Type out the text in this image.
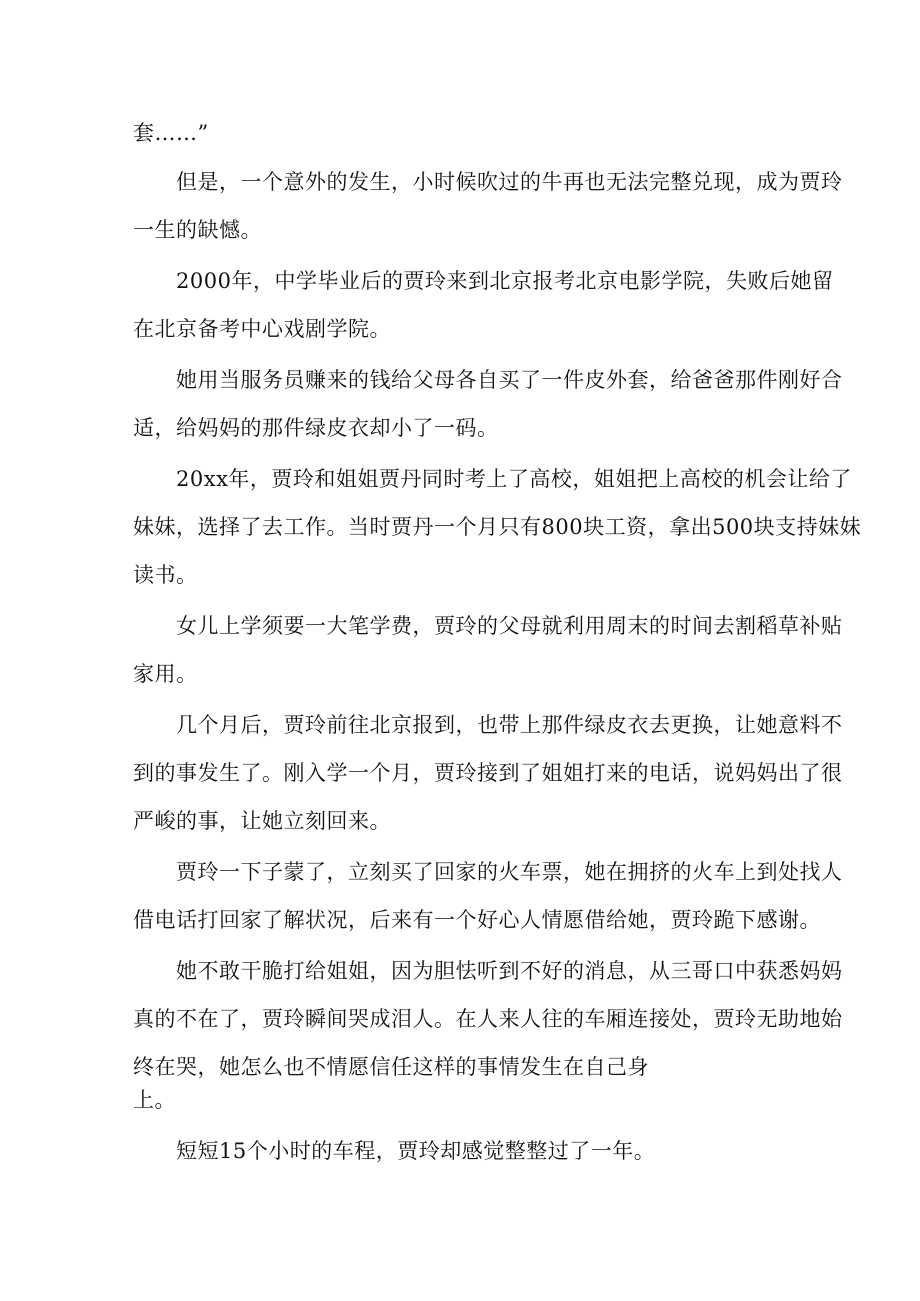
套……”
但是，一个意外的发生，小时候吹过的牛再也无法完整兑现，成为贾玲
一生的缺憾。
2000年，中学毕业后的贾玲来到北京报考北京电影学院，失败后她留
在北京备考中心戏剧学院。
她用当服务员赚来的钱给父母各自买了一件皮外套，给爸爸那件刚好合
适，给妈妈的那件绿皮衣却小了一码。
20xx年，贾玲和姐姐贾丹同时考上了高校，姐姐把上高校的机会让给了
妹妹，选择了去工作。当时贾丹一个月只有800块工资，拿出500块支持妹妹
读书。
女儿上学须要一大笔学费，贾玲的父母就利用周末的时间去割稻草补贴
家用。
几个月后，贾玲前往北京报到，也带上那件绿皮衣去更换，让她意料不
到的事发生了。刚入学一个月，贾玲接到了姐姐打来的电话，说妈妈出了很
严峻的事，让她立刻回来。
贾玲一下子蒙了，立刻买了回家的火车票，她在拥挤的火车上到处找人
借电话打回家了解状况，后来有一个好心人情愿借给她，贾玲跪下感谢。
她不敢干脆打给姐姐，因为胆怯听到不好的消息，从三哥口中获悉妈妈
真的不在了，贾玲瞬间哭成泪人。在人来人往的车厢连接处，贾玲无助地始
终在哭，她怎么也不情愿信任这样的事情发生在自己身
上。
短短15个小时的车程，贾玲却感觉整整过了一年。
